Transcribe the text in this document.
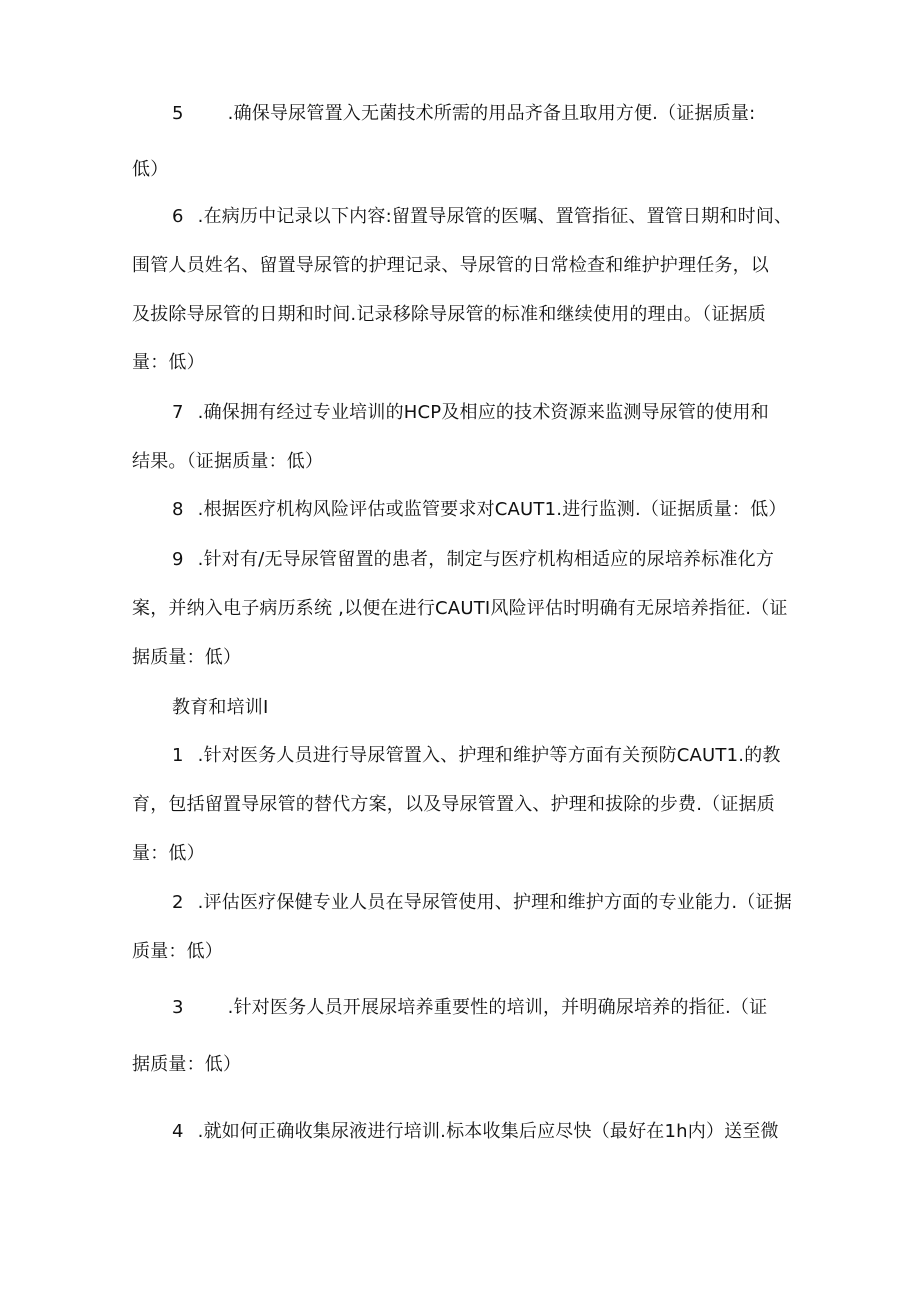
5 .确保导尿管置入无菌技术所需的用品齐备且取用方便.（证据质量:
低）
6 .在病历中记录以下内容:留置导尿管的医嘱、置管指征、置管日期和时间、
围管人员姓名、留置导尿管的护理记录、导尿管的日常检查和维护护理任务，以
及拔除导尿管的日期和时间.记录移除导尿管的标准和继续使用的理由。（证据质
量：低）
7 .确保拥有经过专业培训的HCP及相应的技术资源来监测导尿管的使用和
结果。（证据质量：低）
8 .根据医疗机构风险评估或监管要求对CAUT1.进行监测.（证据质量：低）
9 .针对有/无导尿管留置的患者，制定与医疗机构相适应的尿培养标准化方
案，并纳入电子病历系统 ,以便在进行CAUTI风险评估时明确有无尿培养指征.（证
据质量：低）
教育和培训I
1 .针对医务人员进行导尿管置入、护理和维护等方面有关预防CAUT1.的教
育，包括留置导尿管的替代方案，以及导尿管置入、护理和拔除的步费.（证据质
量：低）
2 .评估医疗保健专业人员在导尿管使用、护理和维护方面的专业能力.（证据
质量：低）
3 .针对医务人员开展尿培养重要性的培训，并明确尿培养的指征.（证
据质量：低）
4 .就如何正确收集尿液进行培训.标本收集后应尽快（最好在1h内）送至微
